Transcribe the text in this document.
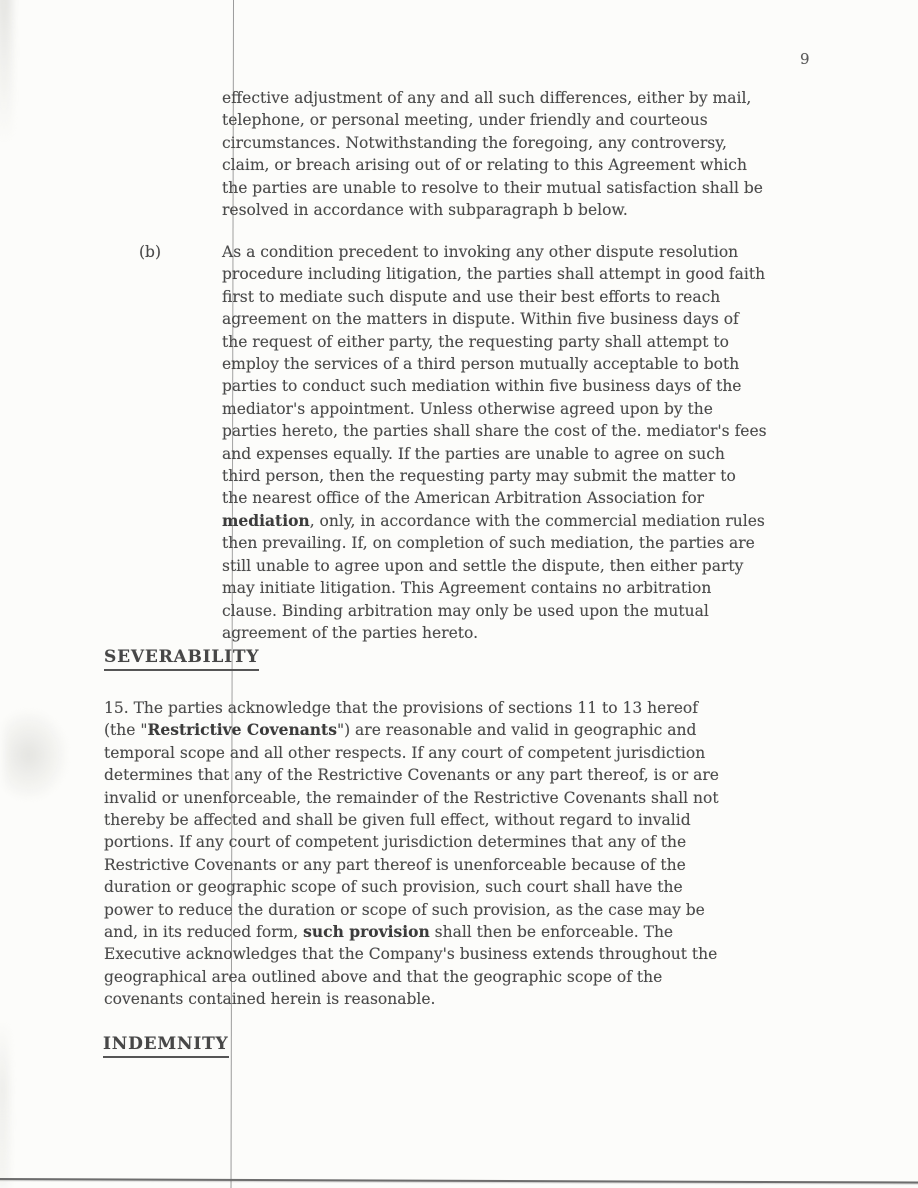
9
effective adjustment of any and all such differences, either by mail,
telephone, or personal meeting, under friendly and courteous
circumstances. Notwithstanding the foregoing, any controversy,
claim, or breach arising out of or relating to this Agreement which
the parties are unable to resolve to their mutual satisfaction shall be
resolved in accordance with subparagraph b below.
(b)	As a condition precedent to invoking any other dispute resolution
procedure including litigation, the parties shall attempt in good faith
first to mediate such dispute and use their best efforts to reach
agreement on the matters in dispute. Within five business days of
the request of either party, the requesting party shall attempt to
employ the services of a third person mutually acceptable to both
parties to conduct such mediation within five business days of the
mediator's appointment. Unless otherwise agreed upon by the
parties hereto, the parties shall share the cost of the. mediator's fees
and expenses equally. If the parties are unable to agree on such
third person, then the requesting party may submit the matter to
the nearest office of the American Arbitration Association for
mediation, only, in accordance with the commercial mediation rules
then prevailing. If, on completion of such mediation, the parties are
still unable to agree upon and settle the dispute, then either party
may initiate litigation. This Agreement contains no arbitration
clause. Binding arbitration may only be used upon the mutual
agreement of the parties hereto.
SEVERABILITY
15. The parties acknowledge that the provisions of sections 11 to 13 hereof
(the "Restrictive Covenants") are reasonable and valid in geographic and
temporal scope and all other respects. If any court of competent jurisdiction
determines that any of the Restrictive Covenants or any part thereof, is or are
invalid or unenforceable, the remainder of the Restrictive Covenants shall not
thereby be affected and shall be given full effect, without regard to invalid
portions. If any court of competent jurisdiction determines that any of the
Restrictive Covenants or any part thereof is unenforceable because of the
duration or geographic scope of such provision, such court shall have the
power to reduce the duration or scope of such provision, as the case may be
and, in its reduced form, such provision shall then be enforceable. The
Executive acknowledges that the Company's business extends throughout the
geographical area outlined above and that the geographic scope of the
covenants contained herein is reasonable.
INDEMNITY
